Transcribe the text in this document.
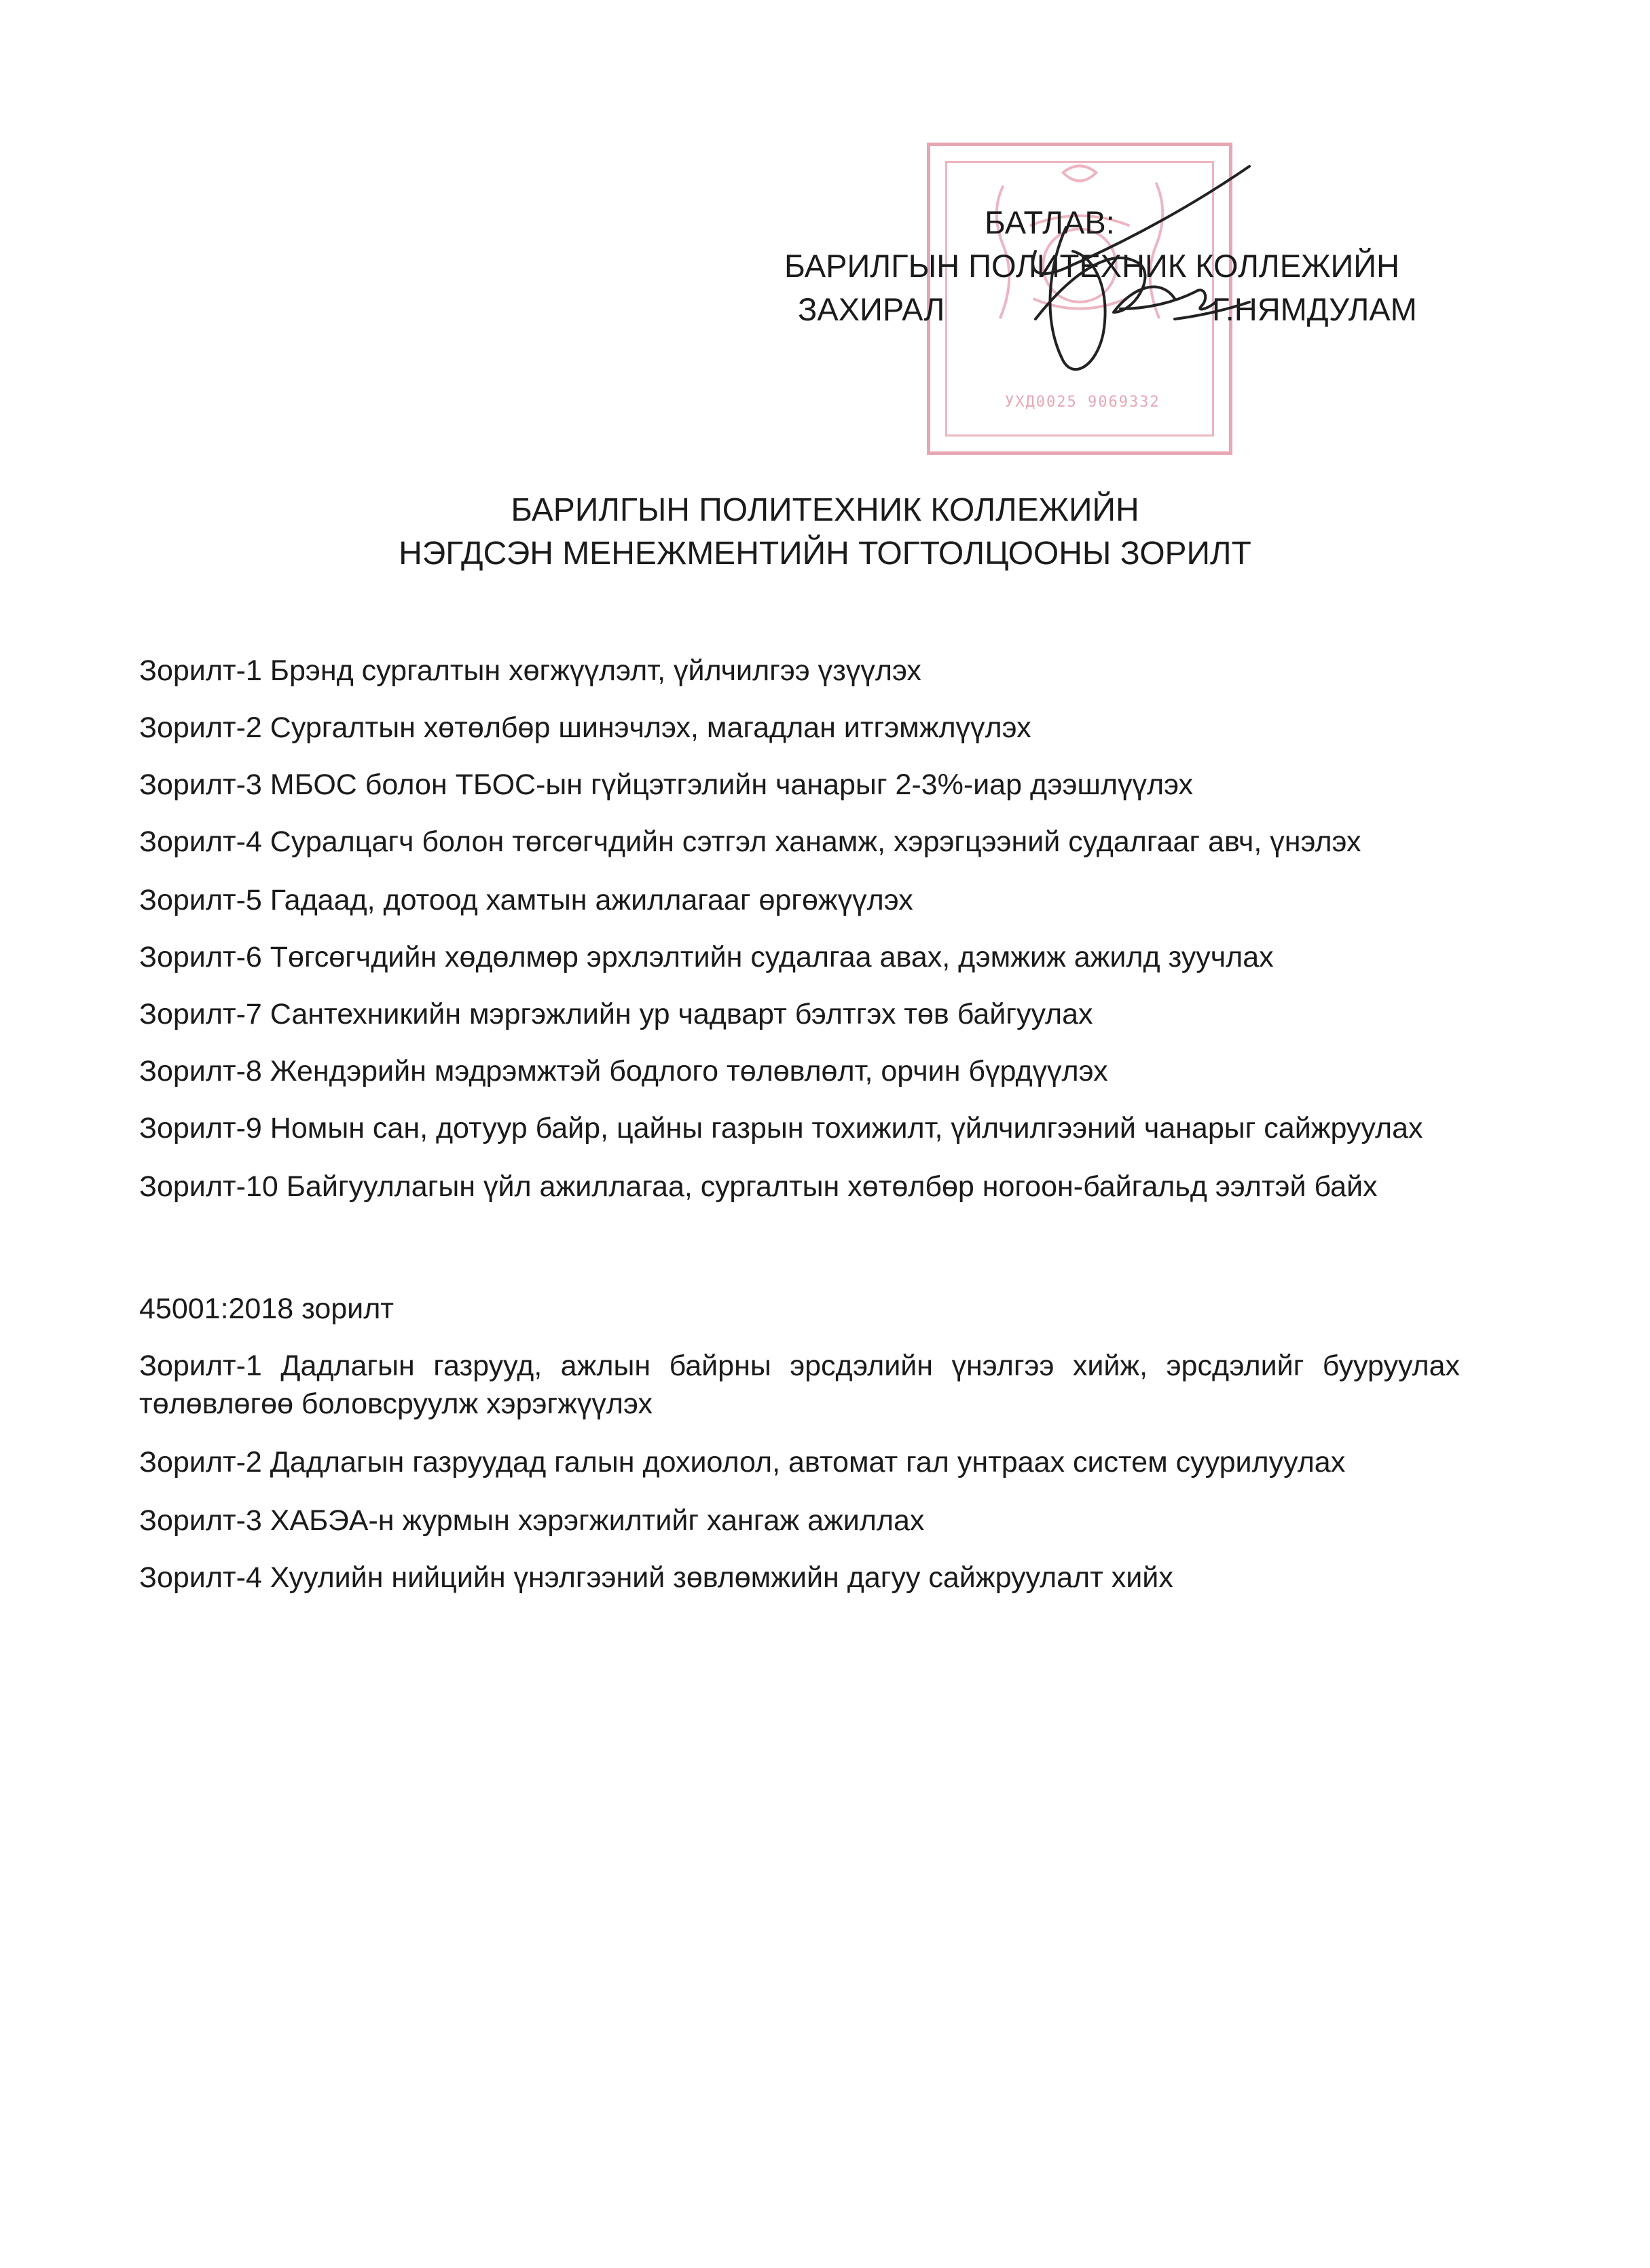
УХД0025 9069332
БАТЛАВ:
БАРИЛГЫН ПОЛИТЕХНИК КОЛЛЕЖИЙН
ЗАХИРАЛ	Г.НЯМДУЛАМ
БАРИЛГЫН ПОЛИТЕХНИК КОЛЛЕЖИЙН
НЭГДСЭН МЕНЕЖМЕНТИЙН ТОГТОЛЦООНЫ ЗОРИЛТ
Зорилт-1 Брэнд сургалтын хөгжүүлэлт, үйлчилгээ үзүүлэх
Зорилт-2 Сургалтын хөтөлбөр шинэчлэх, магадлан итгэмжлүүлэх
Зорилт-3 МБОС болон ТБОС-ын гүйцэтгэлийн чанарыг 2-3%-иар дээшлүүлэх
Зорилт-4 Суралцагч болон төгсөгчдийн сэтгэл ханамж, хэрэгцээний судалгааг авч, үнэлэх
Зорилт-5 Гадаад, дотоод хамтын ажиллагааг өргөжүүлэх
Зорилт-6 Төгсөгчдийн хөдөлмөр эрхлэлтийн судалгаа авах, дэмжиж ажилд зуучлах
Зорилт-7 Сантехникийн мэргэжлийн ур чадварт бэлтгэх төв байгуулах
Зорилт-8 Жендэрийн мэдрэмжтэй бодлого төлөвлөлт, орчин бүрдүүлэх
Зорилт-9 Номын сан, дотуур байр, цайны газрын тохижилт, үйлчилгээний чанарыг сайжруулах
Зорилт-10 Байгууллагын үйл ажиллагаа, сургалтын хөтөлбөр ногоон-байгальд ээлтэй байх
45001:2018 зорилт
Зорилт-1 Дадлагын газрууд, ажлын байрны эрсдэлийн үнэлгээ хийж, эрсдэлийг бууруулах төлөвлөгөө боловсруулж хэрэгжүүлэх
Зорилт-2 Дадлагын газруудад галын дохиолол, автомат гал унтраах систем суурилуулах
Зорилт-3 ХАБЭА-н журмын хэрэгжилтийг хангаж ажиллах
Зорилт-4 Хуулийн нийцийн үнэлгээний зөвлөмжийн дагуу сайжруулалт хийх
